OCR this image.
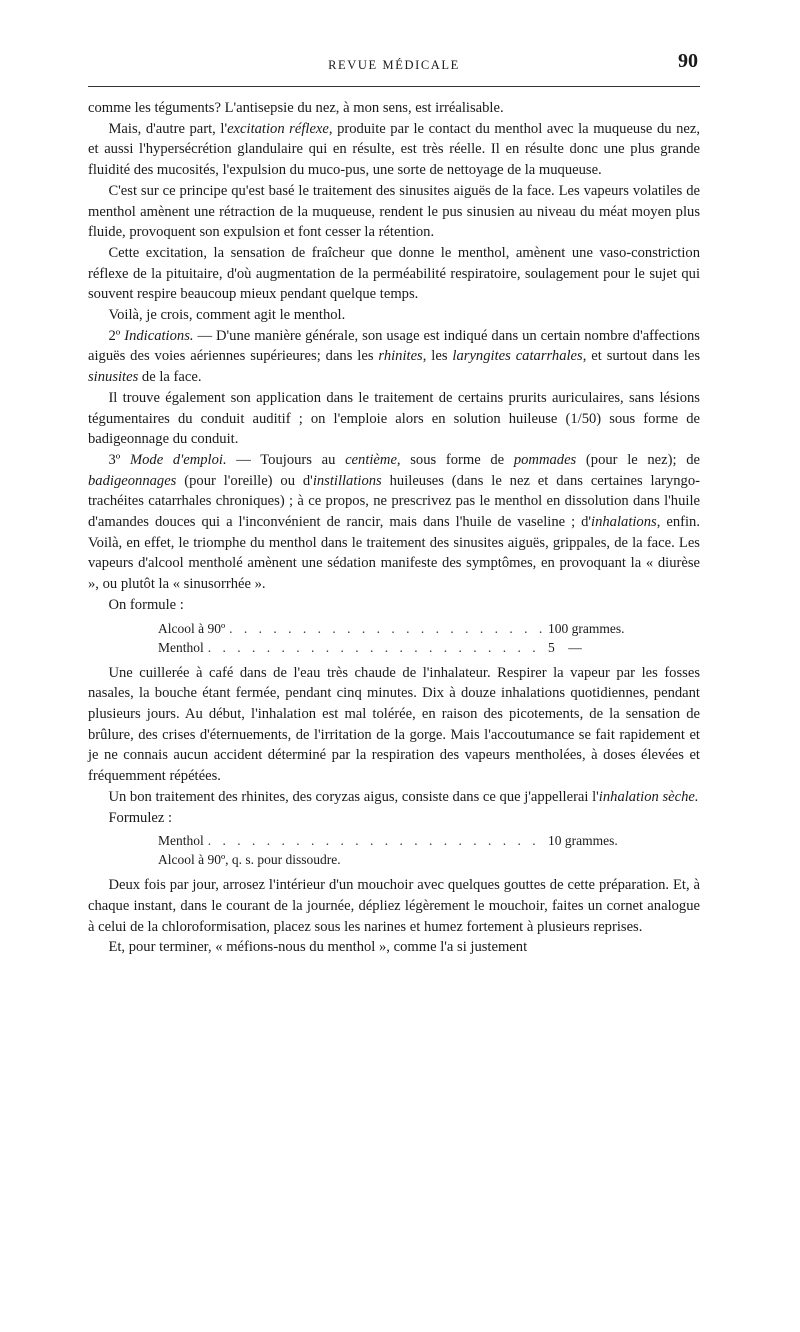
REVUE MÉDICALE	90

comme les téguments? L'antisepsie du nez, à mon sens, est irréalisable.

Mais, d'autre part, l'excitation réflexe, produite par le contact du menthol avec la muqueuse du nez, et aussi l'hypersécrétion glandulaire qui en résulte, est très réelle. Il en résulte donc une plus grande fluidité des mucosités, l'expulsion du muco-pus, une sorte de nettoyage de la muqueuse.

C'est sur ce principe qu'est basé le traitement des sinusites aiguës de la face. Les vapeurs volatiles de menthol amènent une rétraction de la muqueuse, rendent le pus sinusien au niveau du méat moyen plus fluide, provoquent son expulsion et font cesser la rétention.

Cette excitation, la sensation de fraîcheur que donne le menthol, amènent une vaso-constriction réflexe de la pituitaire, d'où augmentation de la perméabilité respiratoire, soulagement pour le sujet qui souvent respire beaucoup mieux pendant quelque temps.

Voilà, je crois, comment agit le menthol.

2º Indications. — D'une manière générale, son usage est indiqué dans un certain nombre d'affections aiguës des voies aériennes supérieures; dans les rhinites, les laryngites catarrhales, et surtout dans les sinusites de la face.

Il trouve également son application dans le traitement de certains prurits auriculaires, sans lésions tégumentaires du conduit auditif ; on l'emploie alors en solution huileuse (1/50) sous forme de badigeonnage du conduit.

3º Mode d'emploi. — Toujours au centième, sous forme de pommades (pour le nez); de badigeonnages (pour l'oreille) ou d'instillations huileuses (dans le nez et dans certaines laryngo-trachéites catarrhales chroniques) ; à ce propos, ne prescrivez pas le menthol en dissolution dans l'huile d'amandes douces qui a l'inconvénient de rancir, mais dans l'huile de vaseline ; d'inhalations, enfin. Voilà, en effet, le triomphe du menthol dans le traitement des sinusites aiguës, grippales, de la face. Les vapeurs d'alcool mentholé amènent une sédation manifeste des symptômes, en provoquant la « diurèse », ou plutôt la « sinusorrhée ».

On formule :

Alcool à 90º . . .	100 grammes.
Menthol . . .	5    —

Une cuillerée à café dans de l'eau très chaude de l'inhalateur. Respirer la vapeur par les fosses nasales, la bouche étant fermée, pendant cinq minutes. Dix à douze inhalations quotidiennes, pendant plusieurs jours. Au début, l'inhalation est mal tolérée, en raison des picotements, de la sensation de brûlure, des crises d'éternuements, de l'irritation de la gorge. Mais l'accoutumance se fait rapidement et je ne connais aucun accident déterminé par la respiration des vapeurs mentholées, à doses élevées et fréquemment répétées.

Un bon traitement des rhinites, des coryzas aigus, consiste dans ce que j'appellerai l'inhalation sèche.

Formulez :

Menthol . . .	10 grammes.
Alcool à 90º, q. s. pour dissoudre.

Deux fois par jour, arrosez l'intérieur d'un mouchoir avec quelques gouttes de cette préparation. Et, à chaque instant, dans le courant de la journée, dépliez légèrement le mouchoir, faites un cornet analogue à celui de la chloroformisation, placez sous les narines et humez fortement à plusieurs reprises.

Et, pour terminer, « méfions-nous du menthol », comme l'a si justement
